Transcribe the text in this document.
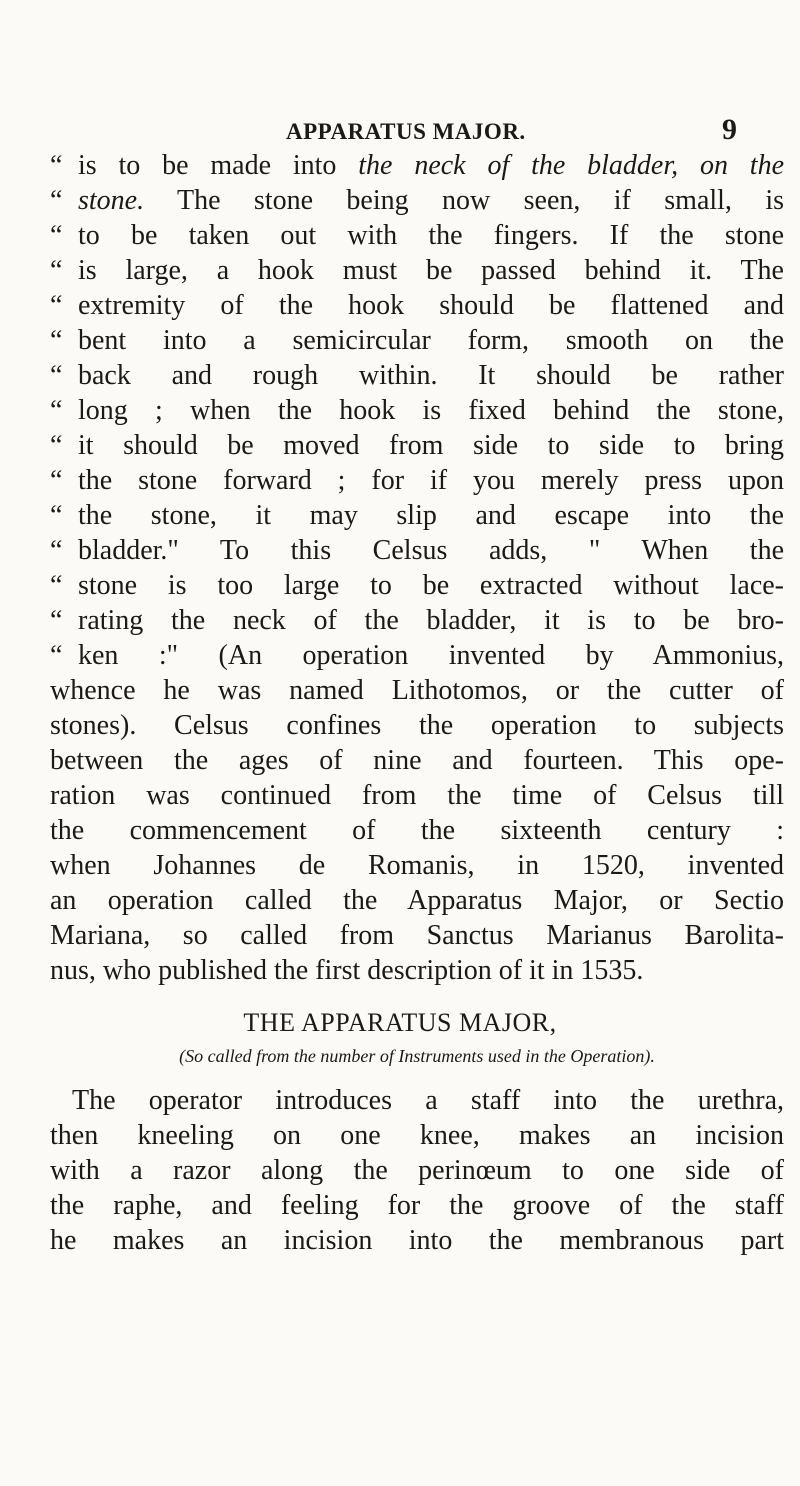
APPARATUS MAJOR.	9
“ is to be made into the neck of the bladder, on the
“ stone. The stone being now seen, if small, is
“ to be taken out with the fingers. If the stone
“ is large, a hook must be passed behind it. The
“ extremity of the hook should be flattened and
“ bent into a semicircular form, smooth on the
“ back and rough within. It should be rather
“ long ; when the hook is fixed behind the stone,
“ it should be moved from side to side to bring
“ the stone forward ; for if you merely press upon
“ the stone, it may slip and escape into the
“ bladder." To this Celsus adds, " When the
“ stone is too large to be extracted without lace-
“ rating the neck of the bladder, it is to be bro-
“ ken :" (An operation invented by Ammonius,
whence he was named Lithotomos, or the cutter of
stones). Celsus confines the operation to subjects
between the ages of nine and fourteen. This ope-
ration was continued from the time of Celsus till
the commencement of the sixteenth century :
when Johannes de Romanis, in 1520, invented
an operation called the Apparatus Major, or Sectio
Mariana, so called from Sanctus Marianus Barolita-
nus, who published the first description of it in 1535.
THE APPARATUS MAJOR,
(So called from the number of Instruments used in the Operation).
The operator introduces a staff into the urethra,
then kneeling on one knee, makes an incision
with a razor along the perinœum to one side of
the raphe, and feeling for the groove of the staff
he makes an incision into the membranous part
